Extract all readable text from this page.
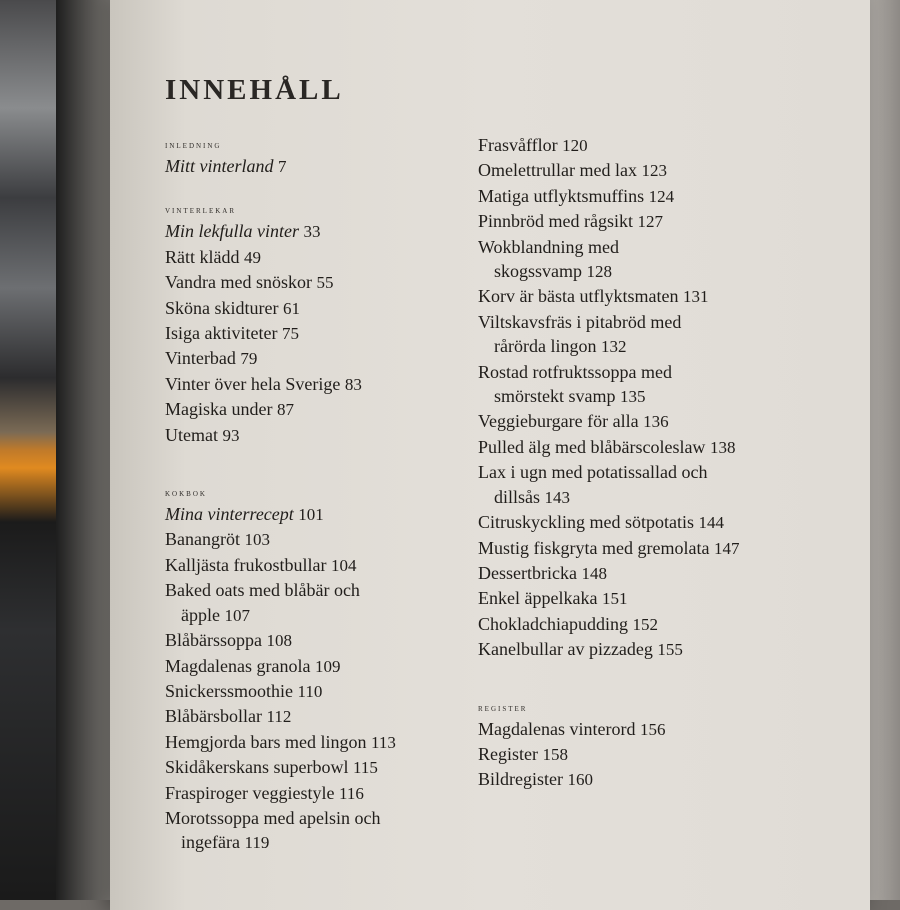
INNEHÅLL
inledning
Mitt vinterland 7
vinterlekar
Min lekfulla vinter 33
Rätt klädd 49
Vandra med snöskor 55
Sköna skidturer 61
Isiga aktiviteter 75
Vinterbad 79
Vinter över hela Sverige 83
Magiska under 87
Utemat 93
kokbok
Mina vinterrecept 101
Banangröt 103
Kalljästa frukostbullar 104
Baked oats med blåbär och
äpple 107
Blåbärssoppa 108
Magdalenas granola 109
Snickerssmoothie 110
Blåbärsbollar 112
Hemgjorda bars med lingon 113
Skidåkerskans superbowl 115
Fraspiroger veggiestyle 116
Morotssoppa med apelsin och
ingefära 119
Frasvåfflor 120
Omelettrullar med lax 123
Matiga utflyktsmuffins 124
Pinnbröd med rågsikt 127
Wokblandning med
skogssvamp 128
Korv är bästa utflyktsmaten 131
Viltskavsfräs i pitabröd med
rårörda lingon 132
Rostad rotfruktssoppa med
smörstekt svamp 135
Veggieburgare för alla 136
Pulled älg med blåbärscoleslaw 138
Lax i ugn med potatissallad och
dillsås 143
Citruskyckling med sötpotatis 144
Mustig fiskgryta med gremolata 147
Dessertbricka 148
Enkel äppelkaka 151
Chokladchiapudding 152
Kanelbullar av pizzadeg 155
register
Magdalenas vinterord 156
Register 158
Bildregister 160
